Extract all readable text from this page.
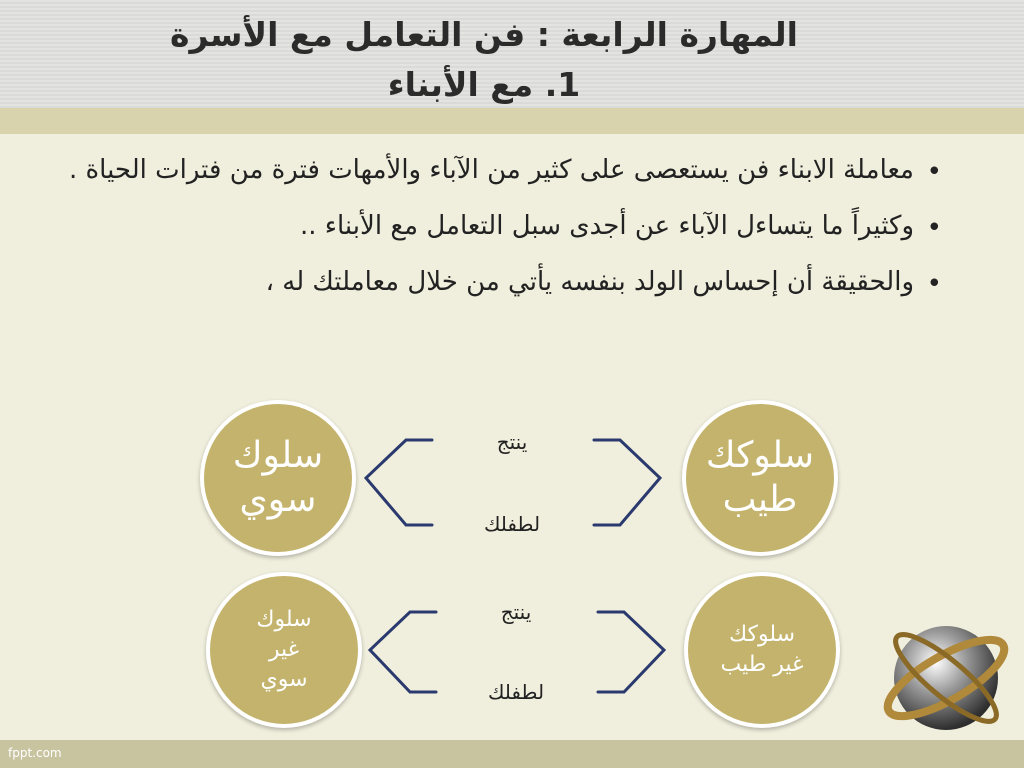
المهارة الرابعة : فن التعامل مع الأسرة
1. مع الأبناء
•
معاملة الابناء فن يستعصى على كثير من الآباء والأمهات فترة من فترات الحياة .
•
وكثيراً ما يتساءل الآباء عن أجدى سبل التعامل مع الأبناء ..
•
والحقيقة أن إحساس الولد بنفسه يأتي من خلال معاملتك له ،
ينتج
لطفلك
ينتج
لطفلك
سلوكك
طيب
سلوك
سوي
سلوكك
غير طيب
سلوك
غير
سوي
fppt.com
